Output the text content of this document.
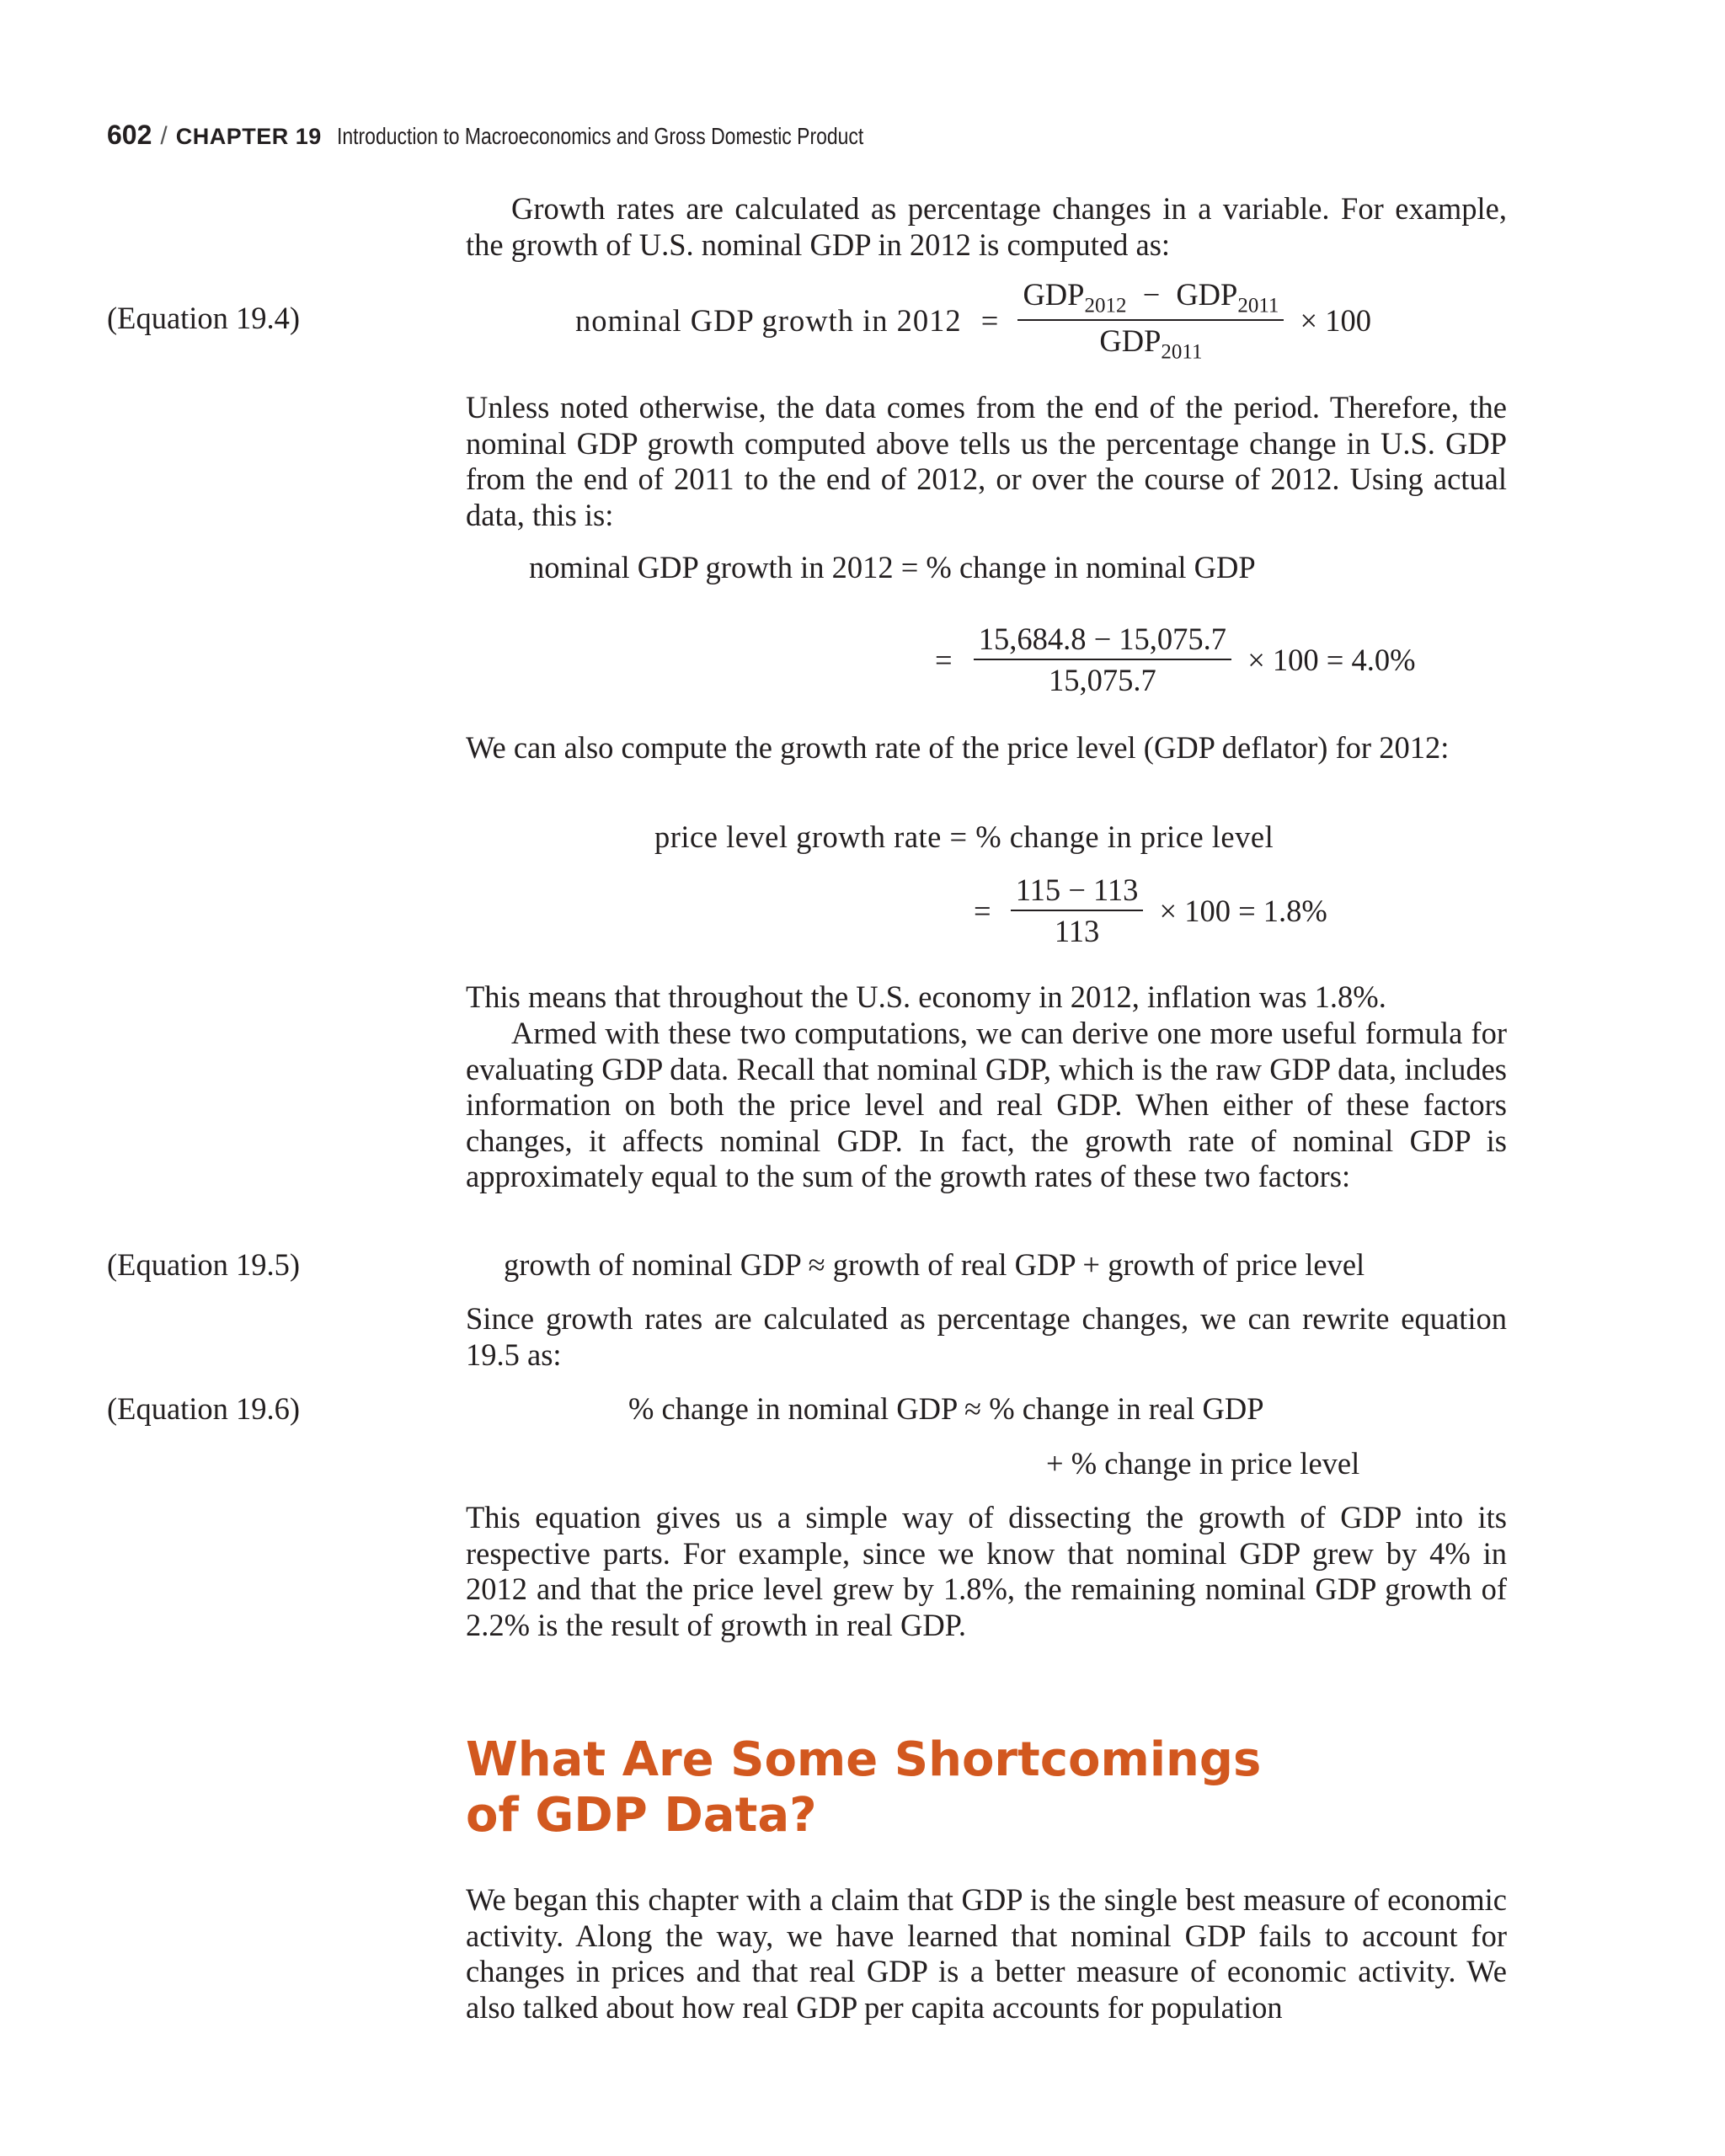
602 / CHAPTER 19 Introduction to Macroeconomics and Gross Domestic Product

Growth rates are calculated as percentage changes in a variable. For example, the growth of U.S. nominal GDP in 2012 is computed as:

(Equation 19.4)	nominal GDP growth in $2012 = \frac{GDP_{2012} - GDP_{2011}}{GDP_{2011}} \times 100$

Unless noted otherwise, the data comes from the end of the period. Therefore, the nominal GDP growth computed above tells us the percentage change in U.S. GDP from the end of 2011 to the end of 2012, or over the course of 2012. Using actual data, this is:

nominal GDP growth in 2012 = % change in nominal GDP
= $\frac{15,684.8 - 15,075.7}{15,075.7} \times 100 = 4.0\%$

We can also compute the growth rate of the price level (GDP deflator) for 2012:

price level growth rate = % change in price level
= $\frac{115 - 113}{113} \times 100 = 1.8\%$

This means that throughout the U.S. economy in 2012, inflation was 1.8%.

Armed with these two computations, we can derive one more useful formula for evaluating GDP data. Recall that nominal GDP, which is the raw GDP data, includes information on both the price level and real GDP. When either of these factors changes, it affects nominal GDP. In fact, the growth rate of nominal GDP is approximately equal to the sum of the growth rates of these two factors:

(Equation 19.5)	growth of nominal GDP ≈ growth of real GDP + growth of price level

Since growth rates are calculated as percentage changes, we can rewrite equation 19.5 as:

(Equation 19.6)	% change in nominal GDP ≈ % change in real GDP
+ % change in price level

This equation gives us a simple way of dissecting the growth of GDP into its respective parts. For example, since we know that nominal GDP grew by 4% in 2012 and that the price level grew by 1.8%, the remaining nominal GDP growth of 2.2% is the result of growth in real GDP.

What Are Some Shortcomings
of GDP Data?

We began this chapter with a claim that GDP is the single best measure of economic activity. Along the way, we have learned that nominal GDP fails to account for changes in prices and that real GDP is a better measure of economic activity. We also talked about how real GDP per capita accounts for population
